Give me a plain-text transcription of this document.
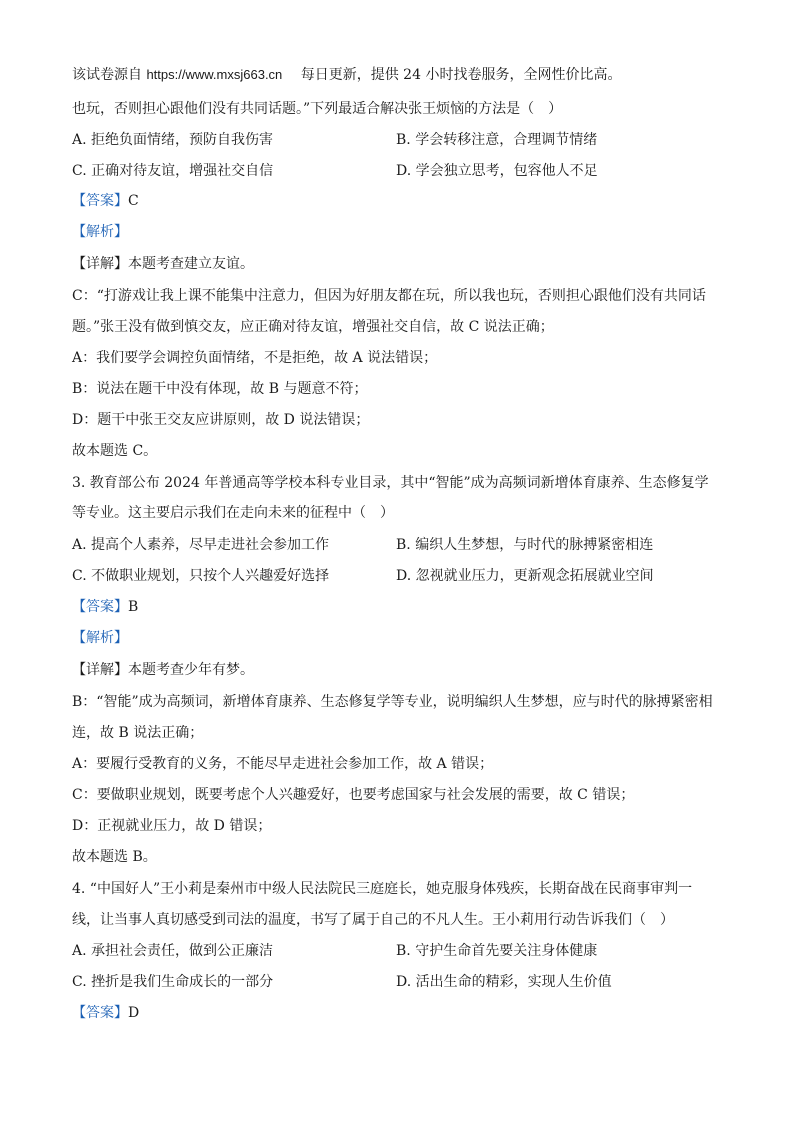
该试卷源自 https://www.mxsj663.cn 每日更新，提供 24 小时找卷服务，全网性价比高。
也玩，否则担心跟他们没有共同话题。”下列最适合解决张王烦恼的方法是（　）
A. 拒绝负面情绪，预防自我伤害	B. 学会转移注意，合理调节情绪
C. 正确对待友谊，增强社交自信	D. 学会独立思考，包容他人不足
【答案】C
【解析】
【详解】本题考查建立友谊。
C：“打游戏让我上课不能集中注意力，但因为好朋友都在玩，所以我也玩，否则担心跟他们没有共同话
题。”张王没有做到慎交友，应正确对待友谊，增强社交自信，故 C 说法正确；
A：我们要学会调控负面情绪，不是拒绝，故 A 说法错误；
B：说法在题干中没有体现，故 B 与题意不符；
D：题干中张王交友应讲原则，故 D 说法错误；
故本题选 C。
3. 教育部公布 2024 年普通高等学校本科专业目录，其中“智能”成为高频词新增体育康养、生态修复学
等专业。这主要启示我们在走向未来的征程中（　）
A. 提高个人素养，尽早走进社会参加工作	B. 编织人生梦想，与时代的脉搏紧密相连
C. 不做职业规划，只按个人兴趣爱好选择	D. 忽视就业压力，更新观念拓展就业空间
【答案】B
【解析】
【详解】本题考查少年有梦。
B：“智能”成为高频词，新增体育康养、生态修复学等专业，说明编织人生梦想，应与时代的脉搏紧密相
连，故 B 说法正确；
A：要履行受教育的义务，不能尽早走进社会参加工作，故 A 错误；
C：要做职业规划，既要考虑个人兴趣爱好，也要考虑国家与社会发展的需要，故 C 错误；
D：正视就业压力，故 D 错误；
故本题选 B。
4. “中国好人”王小莉是秦州市中级人民法院民三庭庭长，她克服身体残疾，长期奋战在民商事审判一
线，让当事人真切感受到司法的温度，书写了属于自己的不凡人生。王小莉用行动告诉我们（　）
A. 承担社会责任，做到公正廉洁	B. 守护生命首先要关注身体健康
C. 挫折是我们生命成长的一部分	D. 活出生命的精彩，实现人生价值
【答案】D
